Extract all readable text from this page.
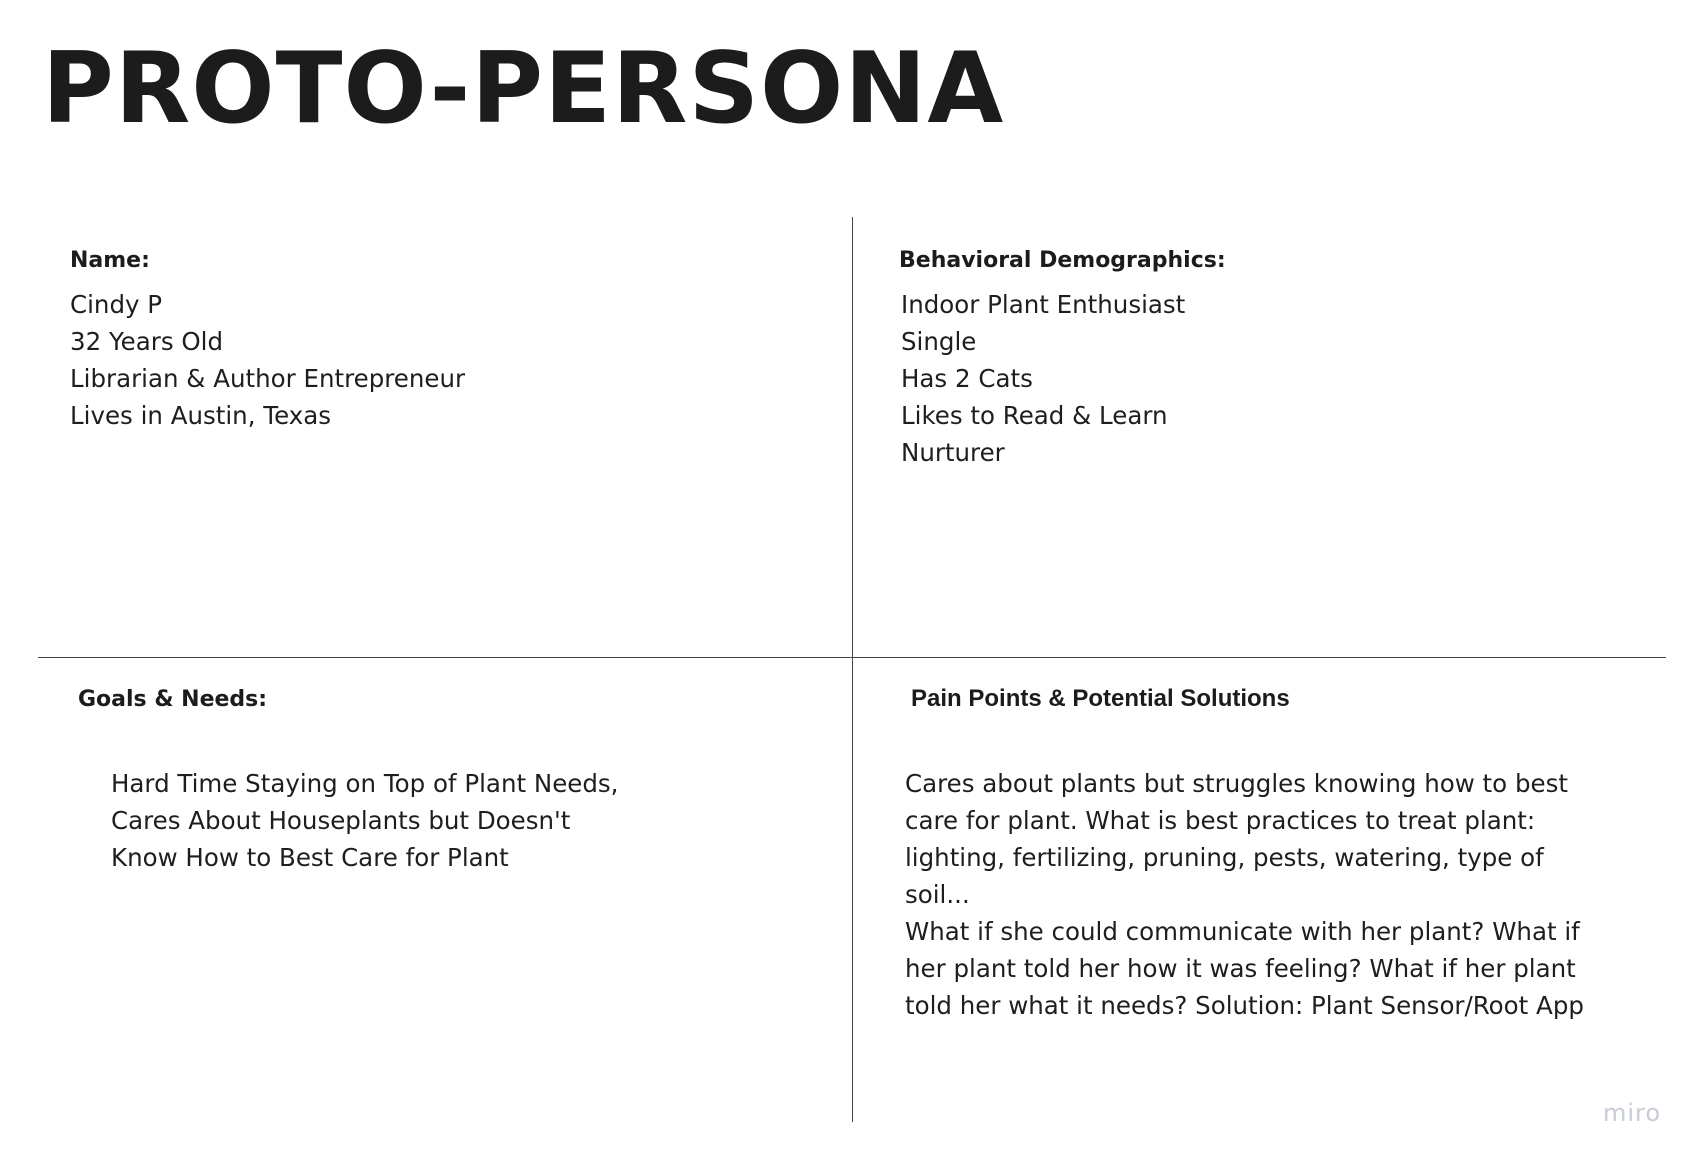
PROTO-PERSONA
Name:
Cindy P
32 Years Old
Librarian & Author Entrepreneur
Lives in Austin, Texas
Behavioral Demographics:
Indoor Plant Enthusiast
Single
Has 2 Cats
Likes to Read & Learn
Nurturer
Goals & Needs:
Hard Time Staying on Top of Plant Needs,
Cares About Houseplants but Doesn't
Know How to Best Care for Plant
Pain Points & Potential Solutions
Cares about plants but struggles knowing how to best
care for plant. What is best practices to treat plant:
lighting, fertilizing, pruning, pests, watering, type of
soil...
What if she could communicate with her plant? What if
her plant told her how it was feeling? What if her plant
told her what it needs? Solution: Plant Sensor/Root App
miro
